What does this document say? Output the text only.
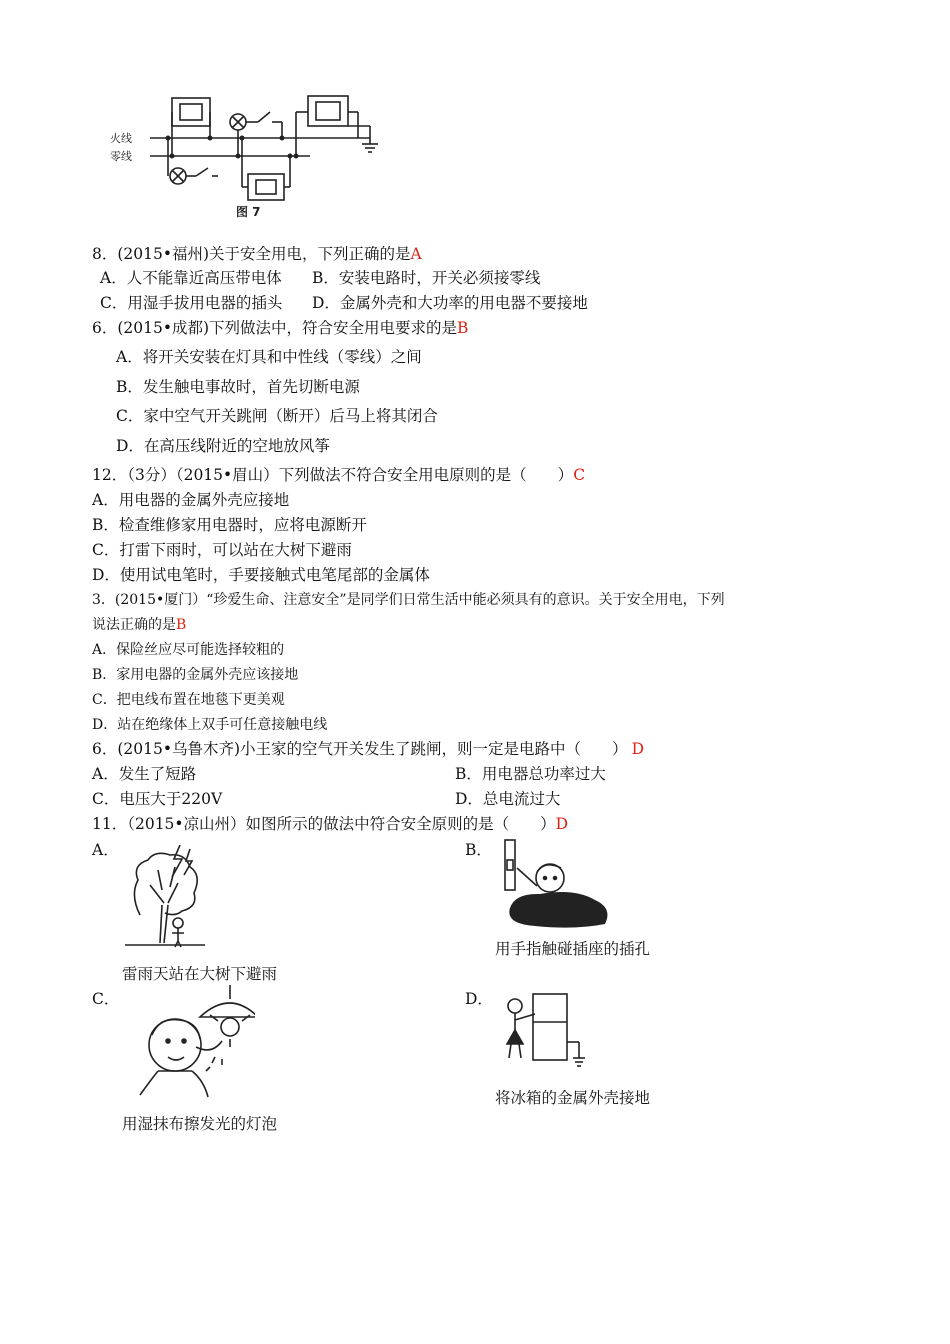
火线
零线
图 7
8．(2015•福州)关于安全用电，下列正确的是A
A．人不能靠近高压带电体 B．安装电路时，开关必须接零线
C．用湿手拔用电器的插头 D．金属外壳和大功率的用电器不要接地
6．(2015•成都)下列做法中，符合安全用电要求的是B
A．将开关安装在灯具和中性线（零线）之间
B．发生触电事故时，首先切断电源
C．家中空气开关跳闸（断开）后马上将其闭合
D．在高压线附近的空地放风筝
12．（3分）（2015•眉山）下列做法不符合安全用电原则的是（　　）C
A．用电器的金属外壳应接地
B．检查维修家用电器时，应将电源断开
C．打雷下雨时，可以站在大树下避雨
D．使用试电笔时，手要接触式电笔尾部的金属体
3．(2015•厦门）“珍爱生命、注意安全”是同学们日常生活中能必须具有的意识。关于安全用电，下列
说法正确的是B
A．保险丝应尽可能选择较粗的
B．家用电器的金属外壳应该接地
C．把电线布置在地毯下更美观
D．站在绝缘体上双手可任意接触电线
6．(2015•乌鲁木齐)小王家的空气开关发生了跳闸，则一定是电路中（　　） D
A．发生了短路	B．用电器总功率过大
C．电压大于220V	D．总电流过大
11．（2015•凉山州）如图所示的做法中符合安全原则的是（　　）D
A．
雷雨天站在大树下避雨
B．
用手指触碰插座的插孔
C．
用湿抹布擦发光的灯泡
D．
将冰箱的金属外壳接地
